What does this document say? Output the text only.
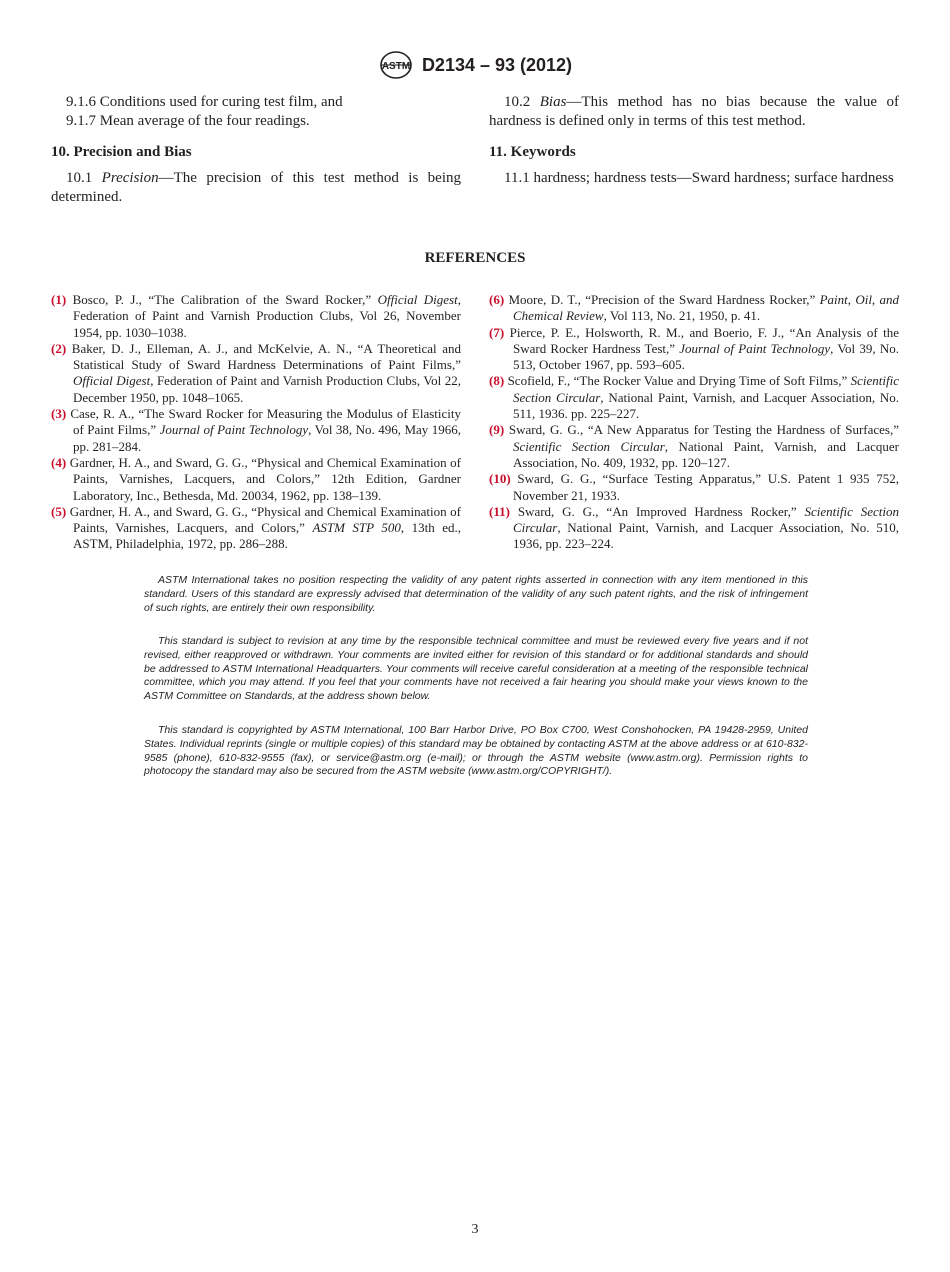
ASTM D2134 – 93 (2012)

9.1.6 Conditions used for curing test film, and

9.1.7 Mean average of the four readings.

10. Precision and Bias

10.1 Precision—The precision of this test method is being determined.

10.2 Bias—This method has no bias because the value of hardness is defined only in terms of this test method.

11. Keywords

11.1 hardness; hardness tests—Sward hardness; surface hardness

REFERENCES

(1) Bosco, P. J., “The Calibration of the Sward Rocker,” Official Digest, Federation of Paint and Varnish Production Clubs, Vol 26, November 1954, pp. 1030–1038.

(2) Baker, D. J., Elleman, A. J., and McKelvie, A. N., “A Theoretical and Statistical Study of Sward Hardness Determinations of Paint Films,” Official Digest, Federation of Paint and Varnish Production Clubs, Vol 22, December 1950, pp. 1048–1065.

(3) Case, R. A., “The Sward Rocker for Measuring the Modulus of Elasticity of Paint Films,” Journal of Paint Technology, Vol 38, No. 496, May 1966, pp. 281–284.

(4) Gardner, H. A., and Sward, G. G., “Physical and Chemical Examination of Paints, Varnishes, Lacquers, and Colors,” 12th Edition, Gardner Laboratory, Inc., Bethesda, Md. 20034, 1962, pp. 138–139.

(5) Gardner, H. A., and Sward, G. G., “Physical and Chemical Examination of Paints, Varnishes, Lacquers, and Colors,” ASTM STP 500, 13th ed., ASTM, Philadelphia, 1972, pp. 286–288.

(6) Moore, D. T., “Precision of the Sward Hardness Rocker,” Paint, Oil, and Chemical Review, Vol 113, No. 21, 1950, p. 41.

(7) Pierce, P. E., Holsworth, R. M., and Boerio, F. J., “An Analysis of the Sward Rocker Hardness Test,” Journal of Paint Technology, Vol 39, No. 513, October 1967, pp. 593–605.

(8) Scofield, F., “The Rocker Value and Drying Time of Soft Films,” Scientific Section Circular, National Paint, Varnish, and Lacquer Association, No. 511, 1936. pp. 225–227.

(9) Sward, G. G., “A New Apparatus for Testing the Hardness of Surfaces,” Scientific Section Circular, National Paint, Varnish, and Lacquer Association, No. 409, 1932, pp. 120–127.

(10) Sward, G. G., “Surface Testing Apparatus,” U.S. Patent 1 935 752, November 21, 1933.

(11) Sward, G. G., “An Improved Hardness Rocker,” Scientific Section Circular, National Paint, Varnish, and Lacquer Association, No. 510, 1936, pp. 223–224.

ASTM International takes no position respecting the validity of any patent rights asserted in connection with any item mentioned in this standard. Users of this standard are expressly advised that determination of the validity of any such patent rights, and the risk of infringement of such rights, are entirely their own responsibility.

This standard is subject to revision at any time by the responsible technical committee and must be reviewed every five years and if not revised, either reapproved or withdrawn. Your comments are invited either for revision of this standard or for additional standards and should be addressed to ASTM International Headquarters. Your comments will receive careful consideration at a meeting of the responsible technical committee, which you may attend. If you feel that your comments have not received a fair hearing you should make your views known to the ASTM Committee on Standards, at the address shown below.

This standard is copyrighted by ASTM International, 100 Barr Harbor Drive, PO Box C700, West Conshohocken, PA 19428-2959, United States. Individual reprints (single or multiple copies) of this standard may be obtained by contacting ASTM at the above address or at 610-832-9585 (phone), 610-832-9555 (fax), or service@astm.org (e-mail); or through the ASTM website (www.astm.org). Permission rights to photocopy the standard may also be secured from the ASTM website (www.astm.org/COPYRIGHT/).

3
